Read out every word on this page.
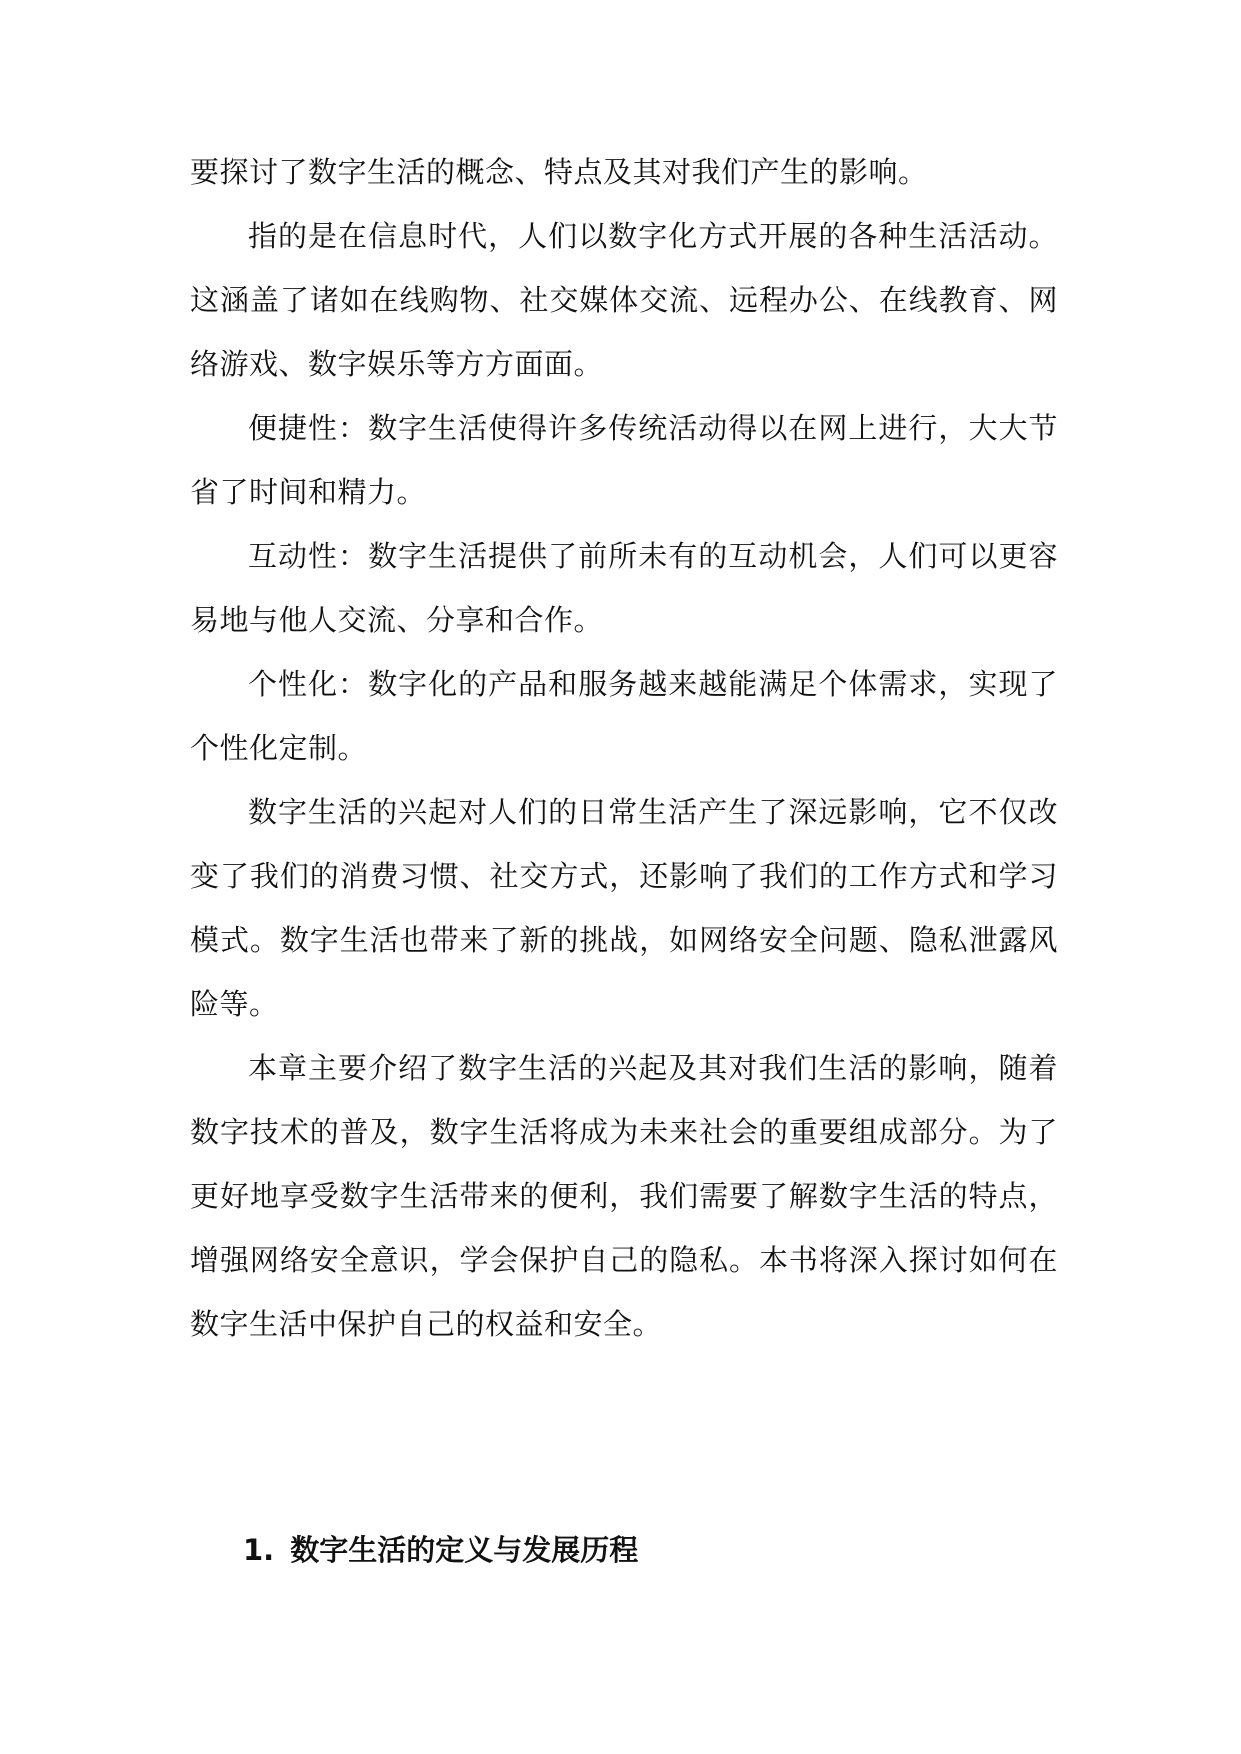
要探讨了数字生活的概念、特点及其对我们产生的影响。

指的是在信息时代，人们以数字化方式开展的各种生活活动。这涵盖了诸如在线购物、社交媒体交流、远程办公、在线教育、网络游戏、数字娱乐等方方面面。

便捷性：数字生活使得许多传统活动得以在网上进行，大大节省了时间和精力。

互动性：数字生活提供了前所未有的互动机会，人们可以更容易地与他人交流、分享和合作。

个性化：数字化的产品和服务越来越能满足个体需求，实现了个性化定制。

数字生活的兴起对人们的日常生活产生了深远影响，它不仅改变了我们的消费习惯、社交方式，还影响了我们的工作方式和学习模式。数字生活也带来了新的挑战，如网络安全问题、隐私泄露风险等。

本章主要介绍了数字生活的兴起及其对我们生活的影响，随着数字技术的普及，数字生活将成为未来社会的重要组成部分。为了更好地享受数字生活带来的便利，我们需要了解数字生活的特点，增强网络安全意识，学会保护自己的隐私。本书将深入探讨如何在数字生活中保护自己的权益和安全。

1. 数字生活的定义与发展历程
